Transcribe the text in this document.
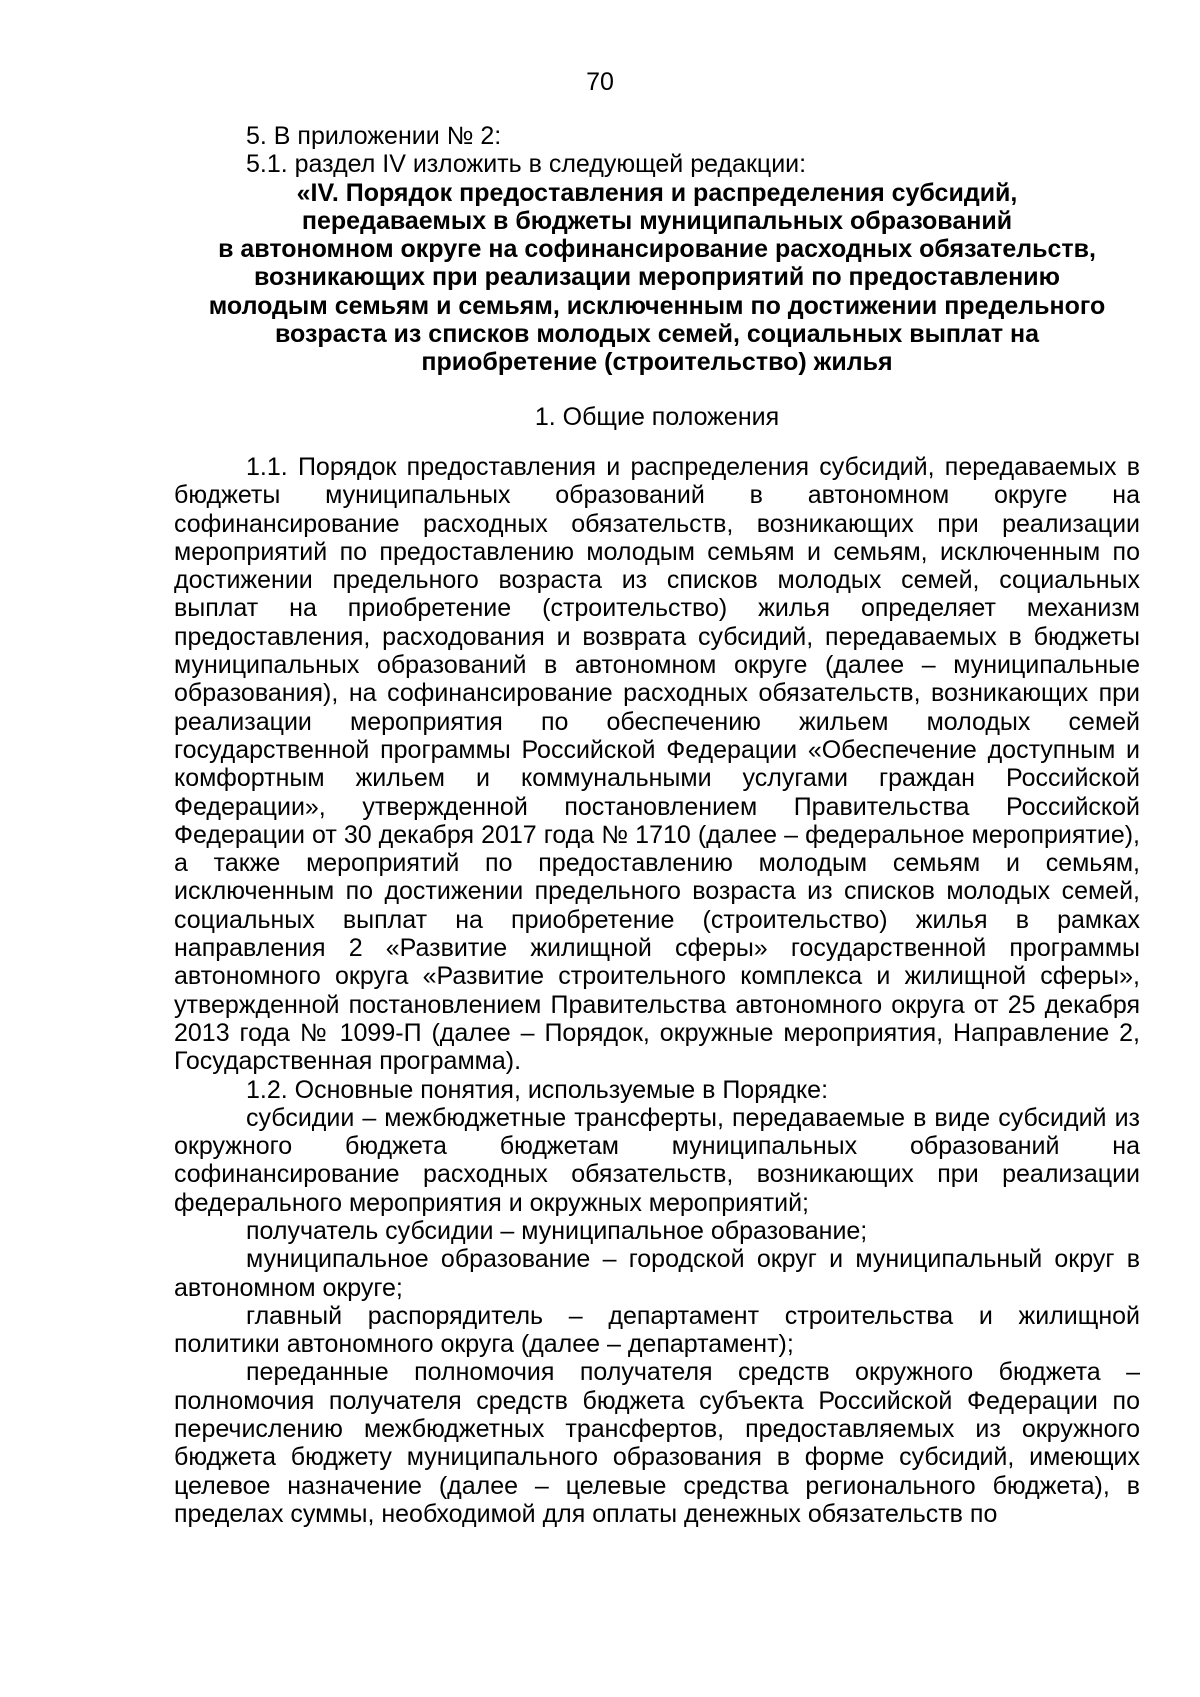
70

5. В приложении № 2:

5.1. раздел IV изложить в следующей редакции:

«IV. Порядок предоставления и распределения субсидий,
передаваемых в бюджеты муниципальных образований
в автономном округе на софинансирование расходных обязательств,
возникающих при реализации мероприятий по предоставлению
молодым семьям и семьям, исключенным по достижении предельного
возраста из списков молодых семей, социальных выплат на
приобретение (строительство) жилья

1. Общие положения

1.1. Порядок предоставления и распределения субсидий, передаваемых в бюджеты муниципальных образований в автономном округе на софинансирование расходных обязательств, возникающих при реализации мероприятий по предоставлению молодым семьям и семьям, исключенным по достижении предельного возраста из списков молодых семей, социальных выплат на приобретение (строительство) жилья определяет механизм предоставления, расходования и возврата субсидий, передаваемых в бюджеты муниципальных образований в автономном округе (далее – муниципальные образования), на софинансирование расходных обязательств, возникающих при реализации мероприятия по обеспечению жильем молодых семей государственной программы Российской Федерации «Обеспечение доступным и комфортным жильем и коммунальными услугами граждан Российской Федерации», утвержденной постановлением Правительства Российской Федерации от 30 декабря 2017 года № 1710 (далее – федеральное мероприятие), а также мероприятий по предоставлению молодым семьям и семьям, исключенным по достижении предельного возраста из списков молодых семей, социальных выплат на приобретение (строительство) жилья в рамках направления 2 «Развитие жилищной сферы» государственной программы автономного округа «Развитие строительного комплекса и жилищной сферы», утвержденной постановлением Правительства автономного округа от 25 декабря 2013 года № 1099-П (далее – Порядок, окружные мероприятия, Направление 2, Государственная программа).

1.2. Основные понятия, используемые в Порядке:

субсидии – межбюджетные трансферты, передаваемые в виде субсидий из окружного бюджета бюджетам муниципальных образований на софинансирование расходных обязательств, возникающих при реализации федерального мероприятия и окружных мероприятий;

получатель субсидии – муниципальное образование;

муниципальное образование – городской округ и муниципальный округ в автономном округе;

главный распорядитель – департамент строительства и жилищной политики автономного округа (далее – департамент);

переданные полномочия получателя средств окружного бюджета – полномочия получателя средств бюджета субъекта Российской Федерации по перечислению межбюджетных трансфертов, предоставляемых из окружного бюджета бюджету муниципального образования в форме субсидий, имеющих целевое назначение (далее – целевые средства регионального бюджета), в пределах суммы, необходимой для оплаты денежных обязательств по
